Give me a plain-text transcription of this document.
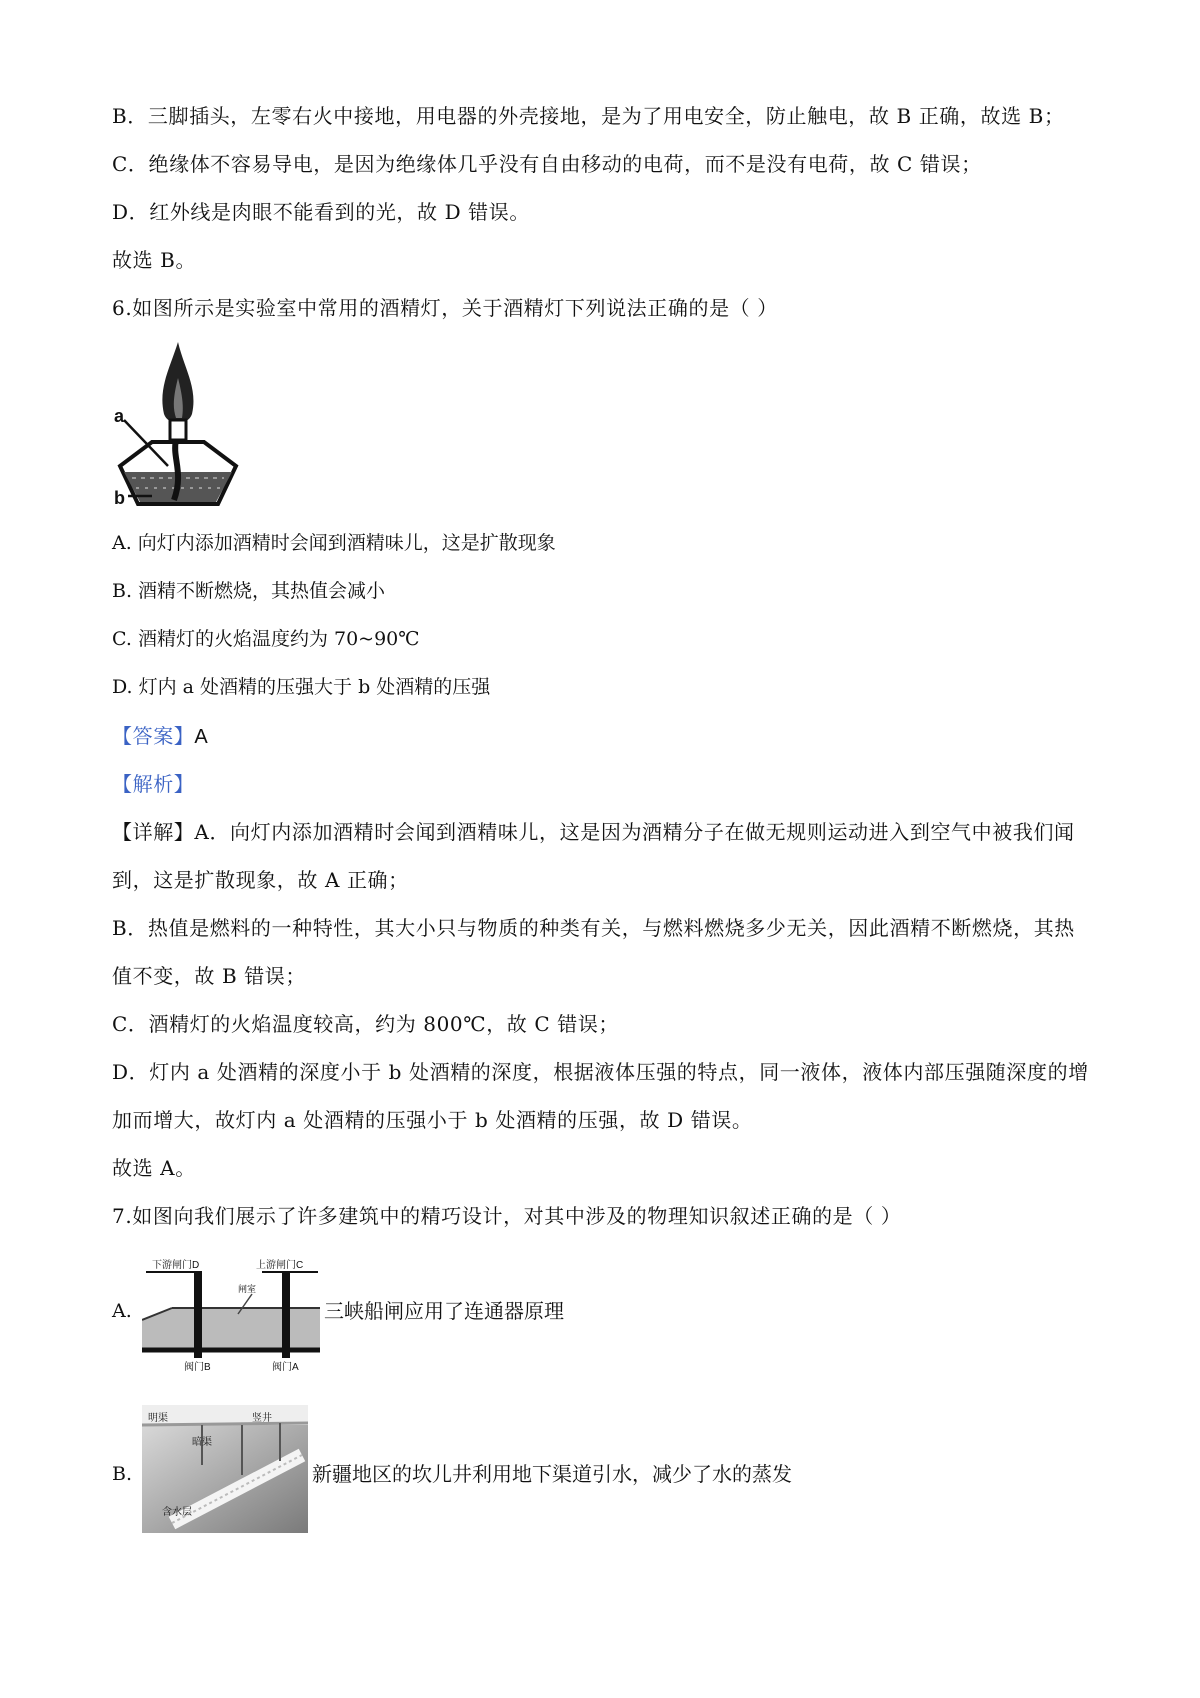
B．三脚插头，左零右火中接地，用电器的外壳接地，是为了用电安全，防止触电，故 B 正确，故选 B；
C．绝缘体不容易导电，是因为绝缘体几乎没有自由移动的电荷，而不是没有电荷，故 C 错误；
D．红外线是肉眼不能看到的光，故 D 错误。
故选 B。
6.如图所示是实验室中常用的酒精灯，关于酒精灯下列说法正确的是（ ）
a
b
A. 向灯内添加酒精时会闻到酒精味儿，这是扩散现象
B. 酒精不断燃烧，其热值会减小
C. 酒精灯的火焰温度约为 70~90℃
D. 灯内 a 处酒精的压强大于 b 处酒精的压强
【答案】A
【解析】
【详解】A．向灯内添加酒精时会闻到酒精味儿，这是因为酒精分子在做无规则运动进入到空气中被我们闻
到，这是扩散现象，故 A 正确；
B．热值是燃料的一种特性，其大小只与物质的种类有关，与燃料燃烧多少无关，因此酒精不断燃烧，其热
值不变，故 B 错误；
C．酒精灯的火焰温度较高，约为 800℃，故 C 错误；
D．灯内 a 处酒精的深度小于 b 处酒精的深度，根据液体压强的特点，同一液体，液体内部压强随深度的增
加而增大，故灯内 a 处酒精的压强小于 b 处酒精的压强，故 D 错误。
故选 A。
7.如图向我们展示了许多建筑中的精巧设计，对其中涉及的物理知识叙述正确的是（ ）
A.
下游闸门D	上游闸门C
闸室
阀门B	阀门A
三峡船闸应用了连通器原理
B.
明渠
暗渠
竖井
含水层
新疆地区的坎儿井利用地下渠道引水，减少了水的蒸发
